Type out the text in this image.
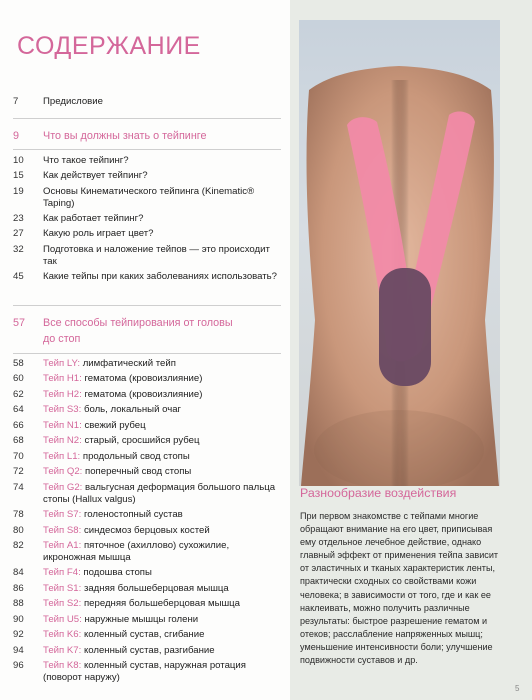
СОДЕРЖАНИЕ
7	Предисловие
9	Что вы должны знать о тейпинге
10	Что такое тейпинг?
15	Как действует тейпинг?
19	Основы Кинематического тейпинга (Kinematic® Taping)
23	Как работает тейпинг?
27	Какую роль играет цвет?
32	Подготовка и наложение тейпов — это происходит так
45	Какие тейпы при каких заболеваниях использовать?
57	Все способы тейпирования от головы до стоп
58	Тейп LY: лимфатический тейп
60	Тейп H1: гематома (кровоизлияние)
62	Тейп H2: гематома (кровоизлияние)
64	Тейп S3: боль, локальный очаг
66	Тейп N1: свежий рубец
68	Тейп N2: старый, сросшийся рубец
70	Тейп L1: продольный свод стопы
72	Тейп Q2: поперечный свод стопы
74	Тейп G2: вальгусная деформация большого пальца стопы (Hallux valgus)
78	Тейп S7: голеностопный сустав
80	Тейп S8: синдесмоз берцовых костей
82	Тейп A1: пяточное (ахиллово) сухожилие, икроножная мышца
84	Тейп F4: подошва стопы
86	Тейп S1: задняя большеберцовая мышца
88	Тейп S2: передняя большеберцовая мышца
90	Тейп U5: наружные мышцы голени
92	Тейп K6: коленный сустав, сгибание
94	Тейп K7: коленный сустав, разгибание
96	Тейп K8: коленный сустав, наружная ротация (поворот наружу)
Разнообразие воздействия
При первом знакомстве с тейпами многие обращают внимание на его цвет, приписывая ему отдельное лечебное действие, однако главный эффект от применения тейпа зависит от эластичных и тканых характеристик ленты, практически сходных со свойствами кожи человека; в зависимости от того, где и как ее наклеивать, можно получить различные результаты: быстрое разрешение гематом и отеков; расслабление напряженных мышц; уменьшение интенсивности боли; улучшение подвижности суставов и др.
5
